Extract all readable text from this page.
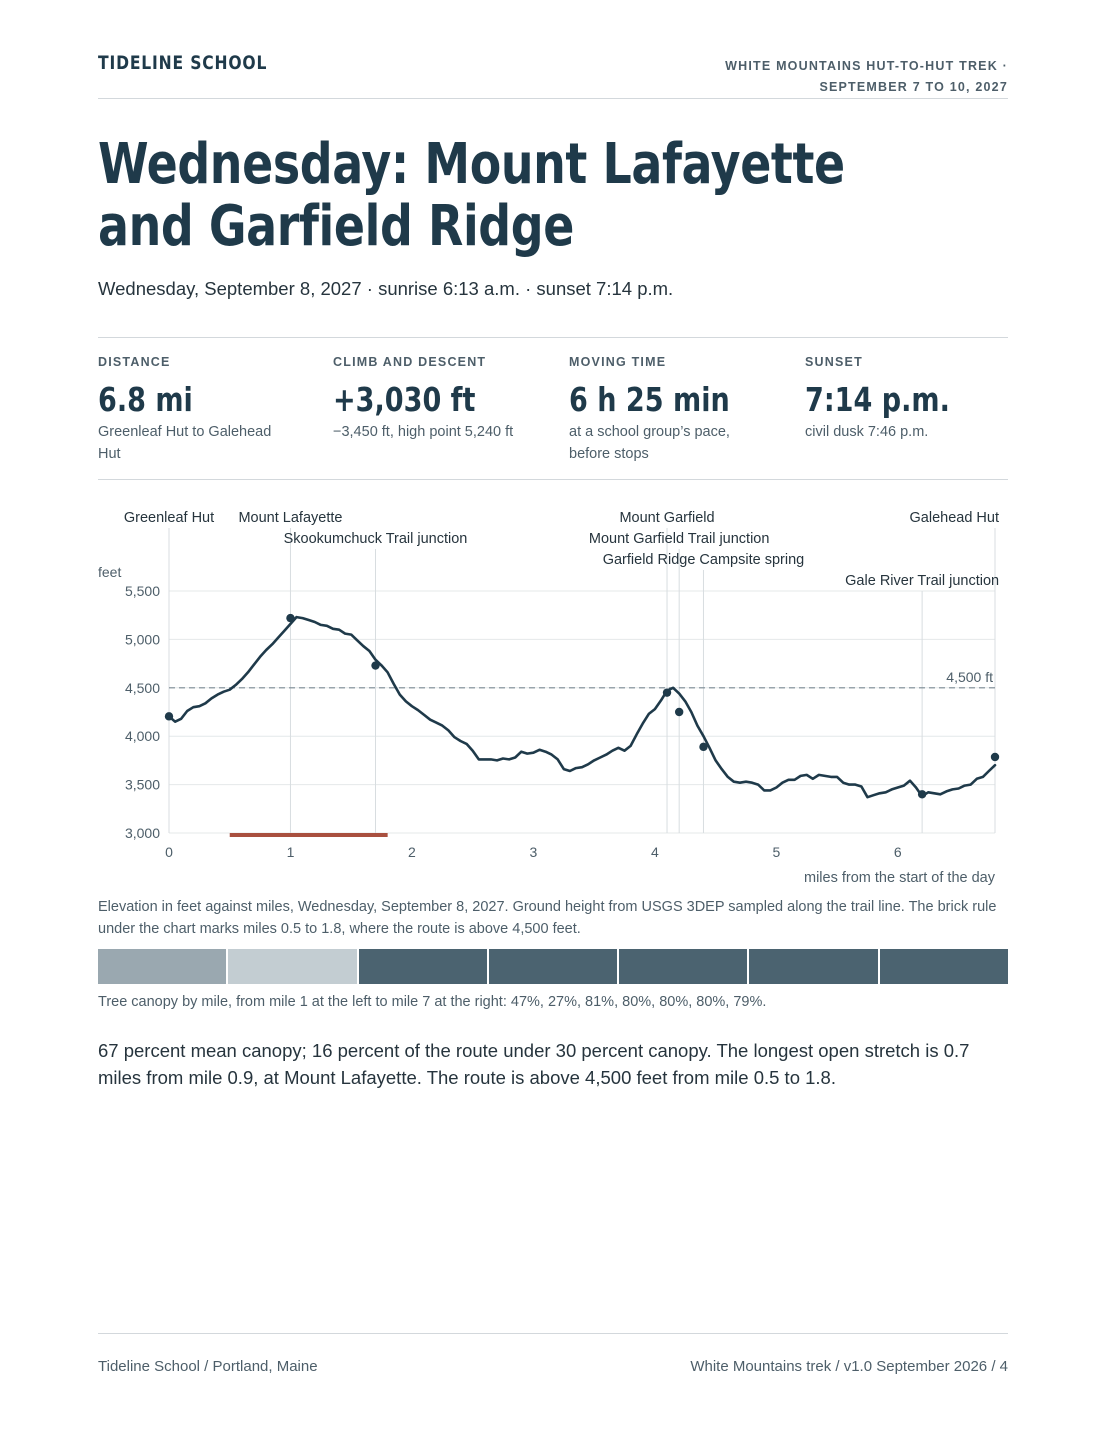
TIDELINE SCHOOL	WHITE MOUNTAINS HUT-TO-HUT TREK · SEPTEMBER 7 TO 10, 2027
Wednesday: Mount Lafayette and Garfield Ridge
Wednesday, September 8, 2027 · sunrise 6:13 a.m. · sunset 7:14 p.m.
DISTANCE
6.8 mi
Greenleaf Hut to Galehead Hut
CLIMB AND DESCENT
+3,030 ft
−3,450 ft, high point 5,240 ft
MOVING TIME
6 h 25 min
at a school group’s pace, before stops
SUNSET
7:14 p.m.
civil dusk 7:46 p.m.
3,000
3,500
4,000
4,500
5,000
5,500
feet
0	1	2	3	4	5	6
miles from the start of the day
4,500 ft
Greenleaf Hut Mount Lafayette
Skookumchuck Trail junction
Mount Garfield
Mount Garfield Trail junction
Garfield Ridge Campsite spring
Gale River Trail junction
Galehead Hut
Elevation in feet against miles, Wednesday, September 8, 2027. Ground height from USGS 3DEP sampled along the trail line. The brick rule under the chart marks miles 0.5 to 1.8, where the route is above 4,500 feet.
Tree canopy by mile, from mile 1 at the left to mile 7 at the right: 47%, 27%, 81%, 80%, 80%, 80%, 79%.
67 percent mean canopy; 16 percent of the route under 30 percent canopy. The longest open stretch is 0.7 miles from mile 0.9, at Mount Lafayette. The route is above 4,500 feet from mile 0.5 to 1.8.
Tideline School / Portland, Maine	White Mountains trek / v1.0 September 2026 / 4
